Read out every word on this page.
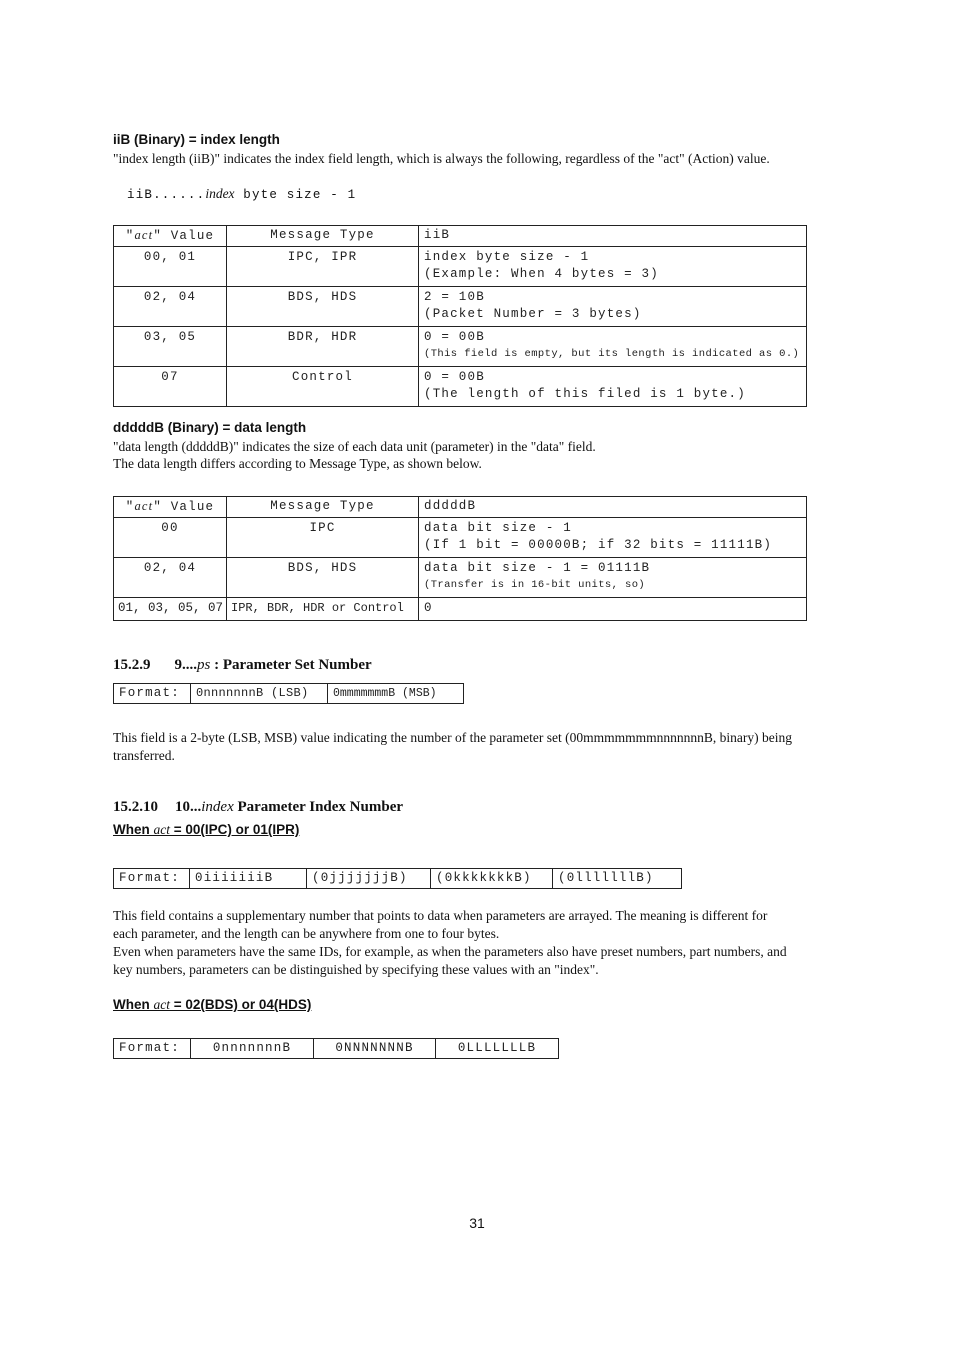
iiB (Binary) = index length
"index length (iiB)" indicates the index field length, which is always the following, regardless of the "act" (Action) value.
iiB......index byte size - 1
"act" Value	Message Type	iiB
00, 01	IPC, IPR	index byte size - 1
(Example: When 4 bytes = 3)

02, 04	BDS, HDS	2 = 10B
(Packet Number = 3 bytes)

03, 05	BDR, HDR	0 = 00B
(This field is empty, but its length is indicated as 0.)

07	Control	0 = 00B
(The length of this filed is 1 byte.)
dddddB (Binary) = data length
"data length (dddddB)" indicates the size of each data unit (parameter) in the "data" field.
The data length differs according to Message Type, as shown below.
"act" Value	Message Type	dddddB
00	IPC	data bit size - 1
(If 1 bit = 00000B; if 32 bits = 11111B)

02, 04	BDS, HDS	data bit size - 1 = 01111B
(Transfer is in 16-bit units, so)

01, 03, 05, 07	IPR, BDR, HDR or Control	0
15.2.9 9....ps : Parameter Set Number
Format:	0nnnnnnnB (LSB)	0mmmmmmmB (MSB)
This field is a 2-byte (LSB, MSB) value indicating the number of the parameter set (00mmmmmmmnnnnnnnB, binary) being transferred.
15.2.10 10...index Parameter Index Number
When act = 00(IPC) or 01(IPR)
Format:	0iiiiiiiB	(0jjjjjjjB)	(0kkkkkkkB)	(0lllllllB)
This field contains a supplementary number that points to data when parameters are arrayed. The meaning is different for each parameter, and the length can be anywhere from one to four bytes.
Even when parameters have the same IDs, for example, as when the parameters also have preset numbers, part numbers, and key numbers, parameters can be distinguished by specifying these values with an "index".
When act = 02(BDS) or 04(HDS)
Format:	0nnnnnnnB	0NNNNNNNB	0LLLLLLLB
31
